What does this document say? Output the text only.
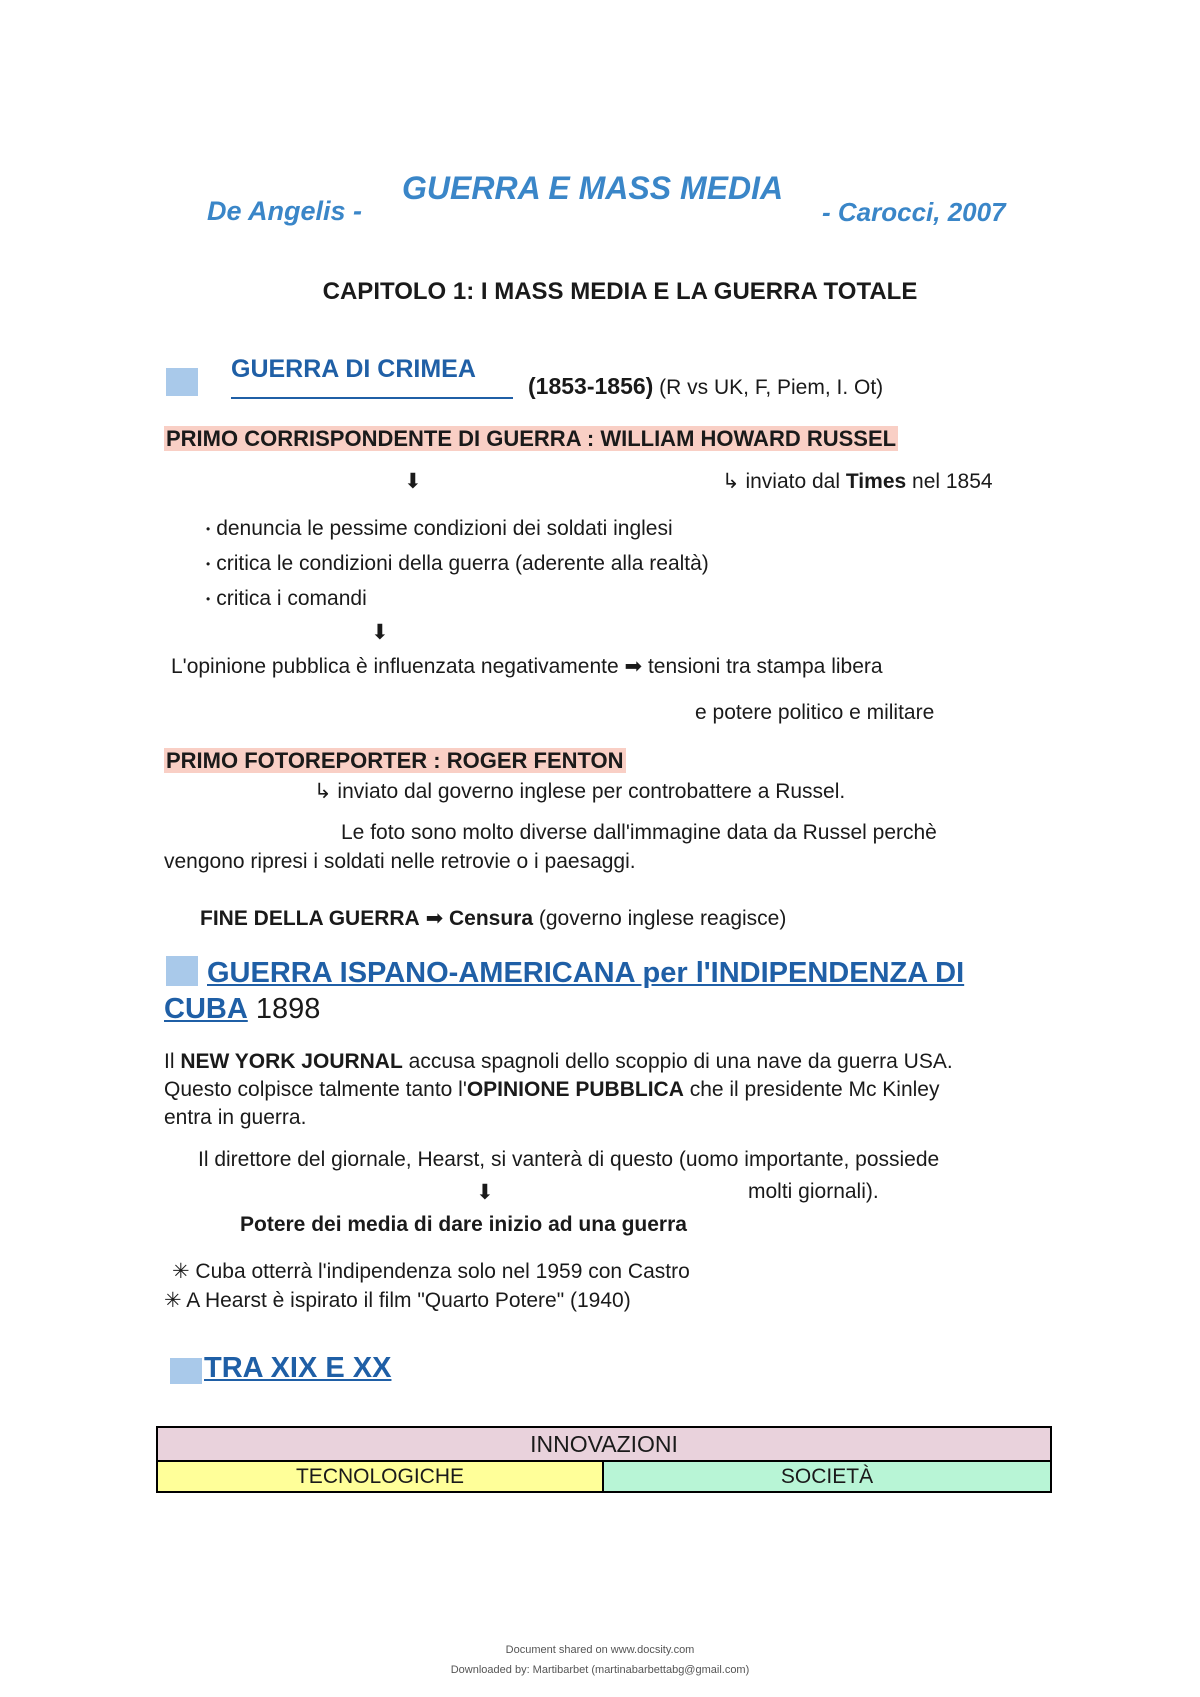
De Angelis -
GUERRA E MASS MEDIA
- Carocci, 2007
CAPITOLO 1: I MASS MEDIA E LA GUERRA TOTALE
GUERRA DI CRIMEA
(1853-1856) (R vs UK, F, Piem, I. Ot)
PRIMO CORRISPONDENTE DI GUERRA : WILLIAM HOWARD RUSSEL
⬇	↳ inviato dal Times nel 1854
• denuncia le pessime condizioni dei soldati inglesi
• critica le condizioni della guerra (aderente alla realtà)
• critica i comandi
⬇
L'opinione pubblica è influenzata negativamente ➡ tensioni tra stampa libera
e potere politico e militare
PRIMO FOTOREPORTER : ROGER FENTON
↳ inviato dal governo inglese per controbattere a Russel.
Le foto sono molto diverse dall'immagine data da Russel perchè
vengono ripresi i soldati nelle retrovie o i paesaggi.
FINE DELLA GUERRA ➡ Censura (governo inglese reagisce)
GUERRA ISPANO-AMERICANA per l'INDIPENDENZA DI
CUBA 1898
Il NEW YORK JOURNAL accusa spagnoli dello scoppio di una nave da guerra USA.
Questo colpisce talmente tanto l'OPINIONE PUBBLICA che il presidente Mc Kinley
entra in guerra.
Il direttore del giornale, Hearst, si vanterà di questo (uomo importante, possiede
⬇	molti giornali).
Potere dei media di dare inizio ad una guerra
✳ Cuba otterrà l'indipendenza solo nel 1959 con Castro
✳ A Hearst è ispirato il film "Quarto Potere" (1940)
TRA XIX E XX
INNOVAZIONI
TECNOLOGICHE	SOCIETÀ
Document shared on www.docsity.com
Downloaded by: Martibarbet (martinabarbettabg@gmail.com)
